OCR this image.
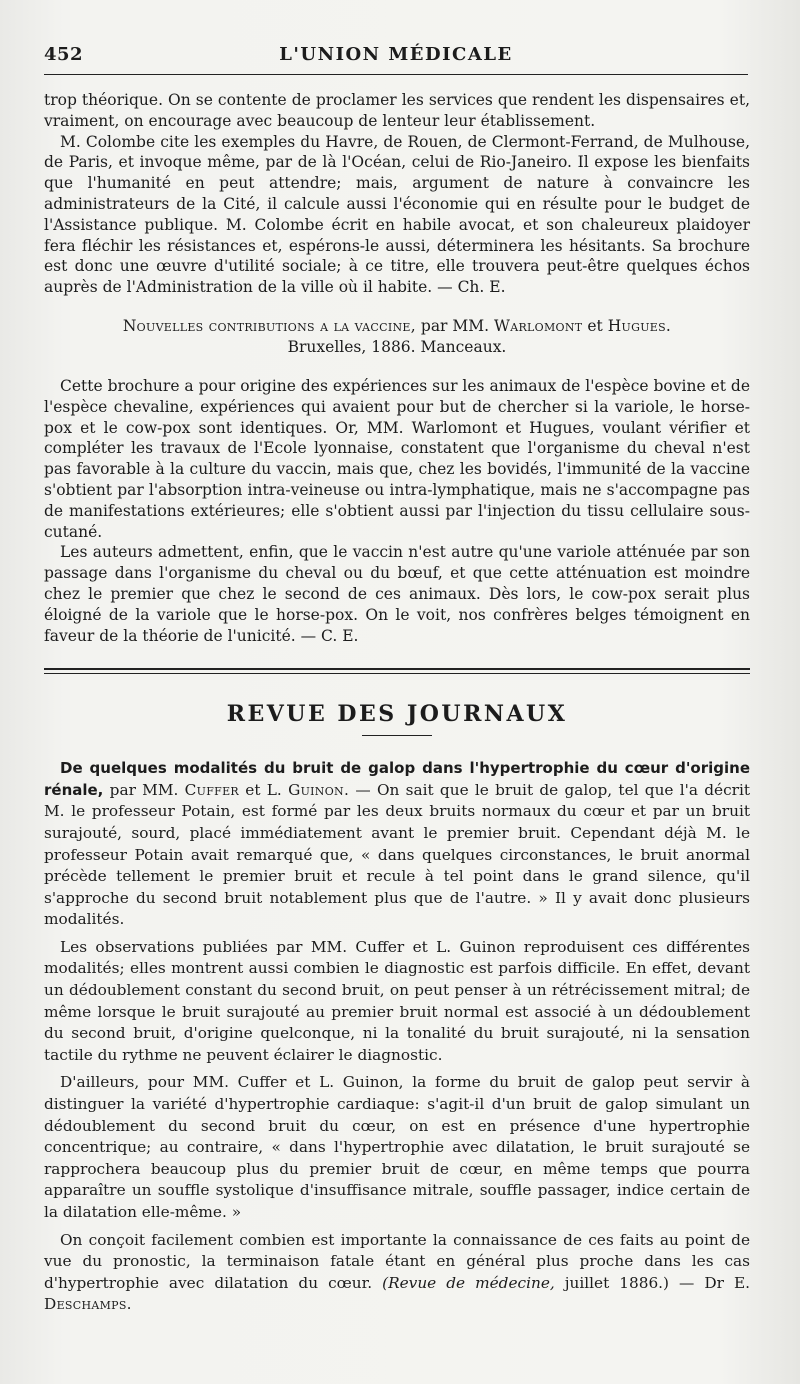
452	L'UNION MÉDICALE

trop théorique. On se contente de proclamer les services que rendent les dispensaires et, vraiment, on encourage avec beaucoup de lenteur leur établissement.

M. Colombe cite les exemples du Havre, de Rouen, de Clermont-Ferrand, de Mulhouse, de Paris, et invoque même, par de là l'Océan, celui de Rio-Janeiro. Il expose les bienfaits que l'humanité en peut attendre; mais, argument de nature à convaincre les administrateurs de la Cité, il calcule aussi l'économie qui en résulte pour le budget de l'Assistance publique. M. Colombe écrit en habile avocat, et son chaleureux plaidoyer fera fléchir les résistances et, espérons-le aussi, déterminera les hésitants. Sa brochure est donc une œuvre d'utilité sociale; à ce titre, elle trouvera peut-être quelques échos auprès de l'Administration de la ville où il habite. — Ch. E.

Nouvelles contributions a la vaccine, par MM. Warlomont et Hugues.
Bruxelles, 1886. Manceaux.

Cette brochure a pour origine des expériences sur les animaux de l'espèce bovine et de l'espèce chevaline, expériences qui avaient pour but de chercher si la variole, le horse-pox et le cow-pox sont identiques. Or, MM. Warlomont et Hugues, voulant vérifier et compléter les travaux de l'Ecole lyonnaise, constatent que l'organisme du cheval n'est pas favorable à la culture du vaccin, mais que, chez les bovidés, l'immunité de la vaccine s'obtient par l'absorption intra-veineuse ou intra-lymphatique, mais ne s'accompagne pas de manifestations extérieures; elle s'obtient aussi par l'injection du tissu cellulaire sous-cutané.

Les auteurs admettent, enfin, que le vaccin n'est autre qu'une variole atténuée par son passage dans l'organisme du cheval ou du bœuf, et que cette atténuation est moindre chez le premier que chez le second de ces animaux. Dès lors, le cow-pox serait plus éloigné de la variole que le horse-pox. On le voit, nos confrères belges témoignent en faveur de la théorie de l'unicité. — C. E.

REVUE DES JOURNAUX

De quelques modalités du bruit de galop dans l'hypertrophie du cœur d'origine rénale, par MM. Cuffer et L. Guinon. — On sait que le bruit de galop, tel que l'a décrit M. le professeur Potain, est formé par les deux bruits normaux du cœur et par un bruit surajouté, sourd, placé immédiatement avant le premier bruit. Cependant déjà M. le professeur Potain avait remarqué que, « dans quelques circonstances, le bruit anormal précède tellement le premier bruit et recule à tel point dans le grand silence, qu'il s'approche du second bruit notablement plus que de l'autre. » Il y avait donc plusieurs modalités.

Les observations publiées par MM. Cuffer et L. Guinon reproduisent ces différentes modalités; elles montrent aussi combien le diagnostic est parfois difficile. En effet, devant un dédoublement constant du second bruit, on peut penser à un rétrécissement mitral; de même lorsque le bruit surajouté au premier bruit normal est associé à un dédoublement du second bruit, d'origine quelconque, ni la tonalité du bruit surajouté, ni la sensation tactile du rythme ne peuvent éclairer le diagnostic.

D'ailleurs, pour MM. Cuffer et L. Guinon, la forme du bruit de galop peut servir à distinguer la variété d'hypertrophie cardiaque: s'agit-il d'un bruit de galop simulant un dédoublement du second bruit du cœur, on est en présence d'une hypertrophie concentrique; au contraire, « dans l'hypertrophie avec dilatation, le bruit surajouté se rapprochera beaucoup plus du premier bruit de cœur, en même temps que pourra apparaître un souffle systolique d'insuffisance mitrale, souffle passager, indice certain de la dilatation elle-même. »

On conçoit facilement combien est importante la connaissance de ces faits au point de vue du pronostic, la terminaison fatale étant en général plus proche dans les cas d'hypertrophie avec dilatation du cœur. (Revue de médecine, juillet 1886.) — Dr E. Deschamps.
